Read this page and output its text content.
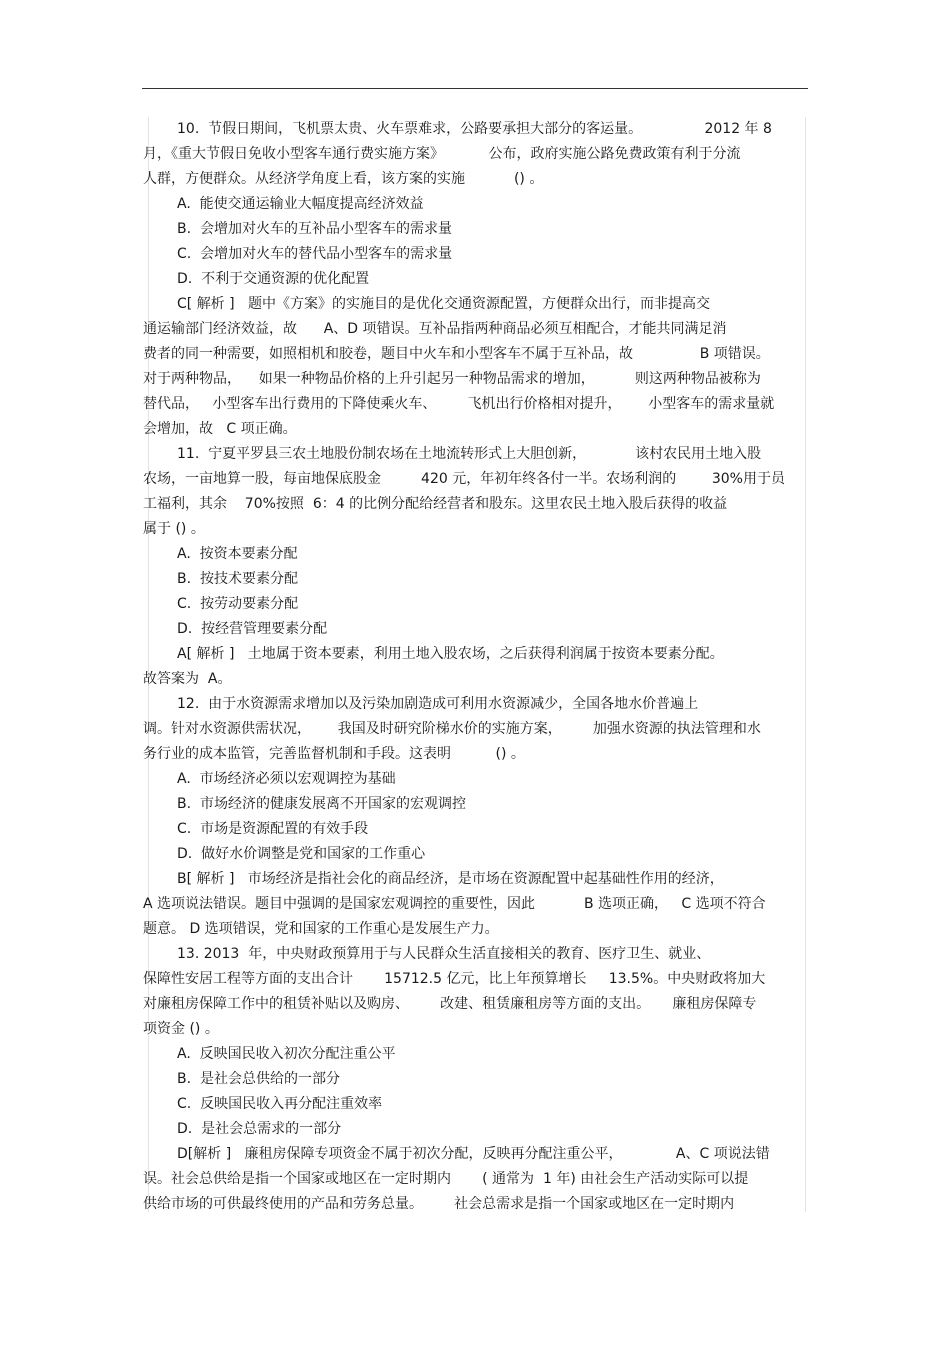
10.  节假日期间，飞机票太贵、火车票难求，公路要承担大部分的客运量。              2012 年 8
月，《重大节假日免收小型客车通行费实施方案》          公布，政府实施公路免费政策有利于分流
人群，方便群众。从经济学角度上看，该方案的实施           () 。
A.  能使交通运输业大幅度提高经济效益
B.  会增加对火车的互补品小型客车的需求量
C.  会增加对火车的替代品小型客车的需求量
D.  不利于交通资源的优化配置
C[ 解析 ]   题中《方案》的实施目的是优化交通资源配置，方便群众出行，而非提高交
通运输部门经济效益，故      A、D 项错误。互补品指两种商品必须互相配合，才能共同满足消
费者的同一种需要，如照相机和胶卷，题目中火车和小型客车不属于互补品，故               B 项错误。
对于两种物品，    如果一种物品价格的上升引起另一种物品需求的增加，         则这两种物品被称为
替代品，   小型客车出行费用的下降使乘火车、       飞机出行价格相对提升，      小型客车的需求量就
会增加，故   C 项正确。
11.  宁夏平罗县三农土地股份制农场在土地流转形式上大胆创新，           该村农民用土地入股
农场，一亩地算一股，每亩地保底股金         420 元，年初年终各付一半。农场利润的        30%用于员
工福利，其余    70%按照  6：4 的比例分配给经营者和股东。这里农民土地入股后获得的收益
属于 () 。
A.  按资本要素分配
B.  按技术要素分配
C.  按劳动要素分配
D.  按经营管理要素分配
A[ 解析 ]   土地属于资本要素，利用土地入股农场，之后获得利润属于按资本要素分配。
故答案为  A。
12.  由于水资源需求增加以及污染加剧造成可利用水资源减少，全国各地水价普遍上
调。针对水资源供需状况，      我国及时研究阶梯水价的实施方案，       加强水资源的执法管理和水
务行业的成本监管，完善监督机制和手段。这表明          () 。
A.  市场经济必须以宏观调控为基础
B.  市场经济的健康发展离不开国家的宏观调控
C.  市场是资源配置的有效手段
D.  做好水价调整是党和国家的工作重心
B[ 解析 ]   市场经济是指社会化的商品经济，是市场在资源配置中起基础性作用的经济，
A 选项说法错误。题目中强调的是国家宏观调控的重要性，因此           B 选项正确，   C 选项不符合
题意。 D 选项错误，党和国家的工作重心是发展生产力。
13. 2013  年，中央财政预算用于与人民群众生活直接相关的教育、医疗卫生、就业、
保障性安居工程等方面的支出合计       15712.5 亿元，比上年预算增长     13.5%。中央财政将加大
对廉租房保障工作中的租赁补贴以及购房、       改建、租赁廉租房等方面的支出。     廉租房保障专
项资金 () 。
A.  反映国民收入初次分配注重公平
B.  是社会总供给的一部分
C.  反映国民收入再分配注重效率
D.  是社会总需求的一部分
D[解析 ]   廉租房保障专项资金不属于初次分配，反映再分配注重公平，            A、C 项说法错
误。社会总供给是指一个国家或地区在一定时期内       ( 通常为  1 年) 由社会生产活动实际可以提
供给市场的可供最终使用的产品和劳务总量。       社会总需求是指一个国家或地区在一定时期内
